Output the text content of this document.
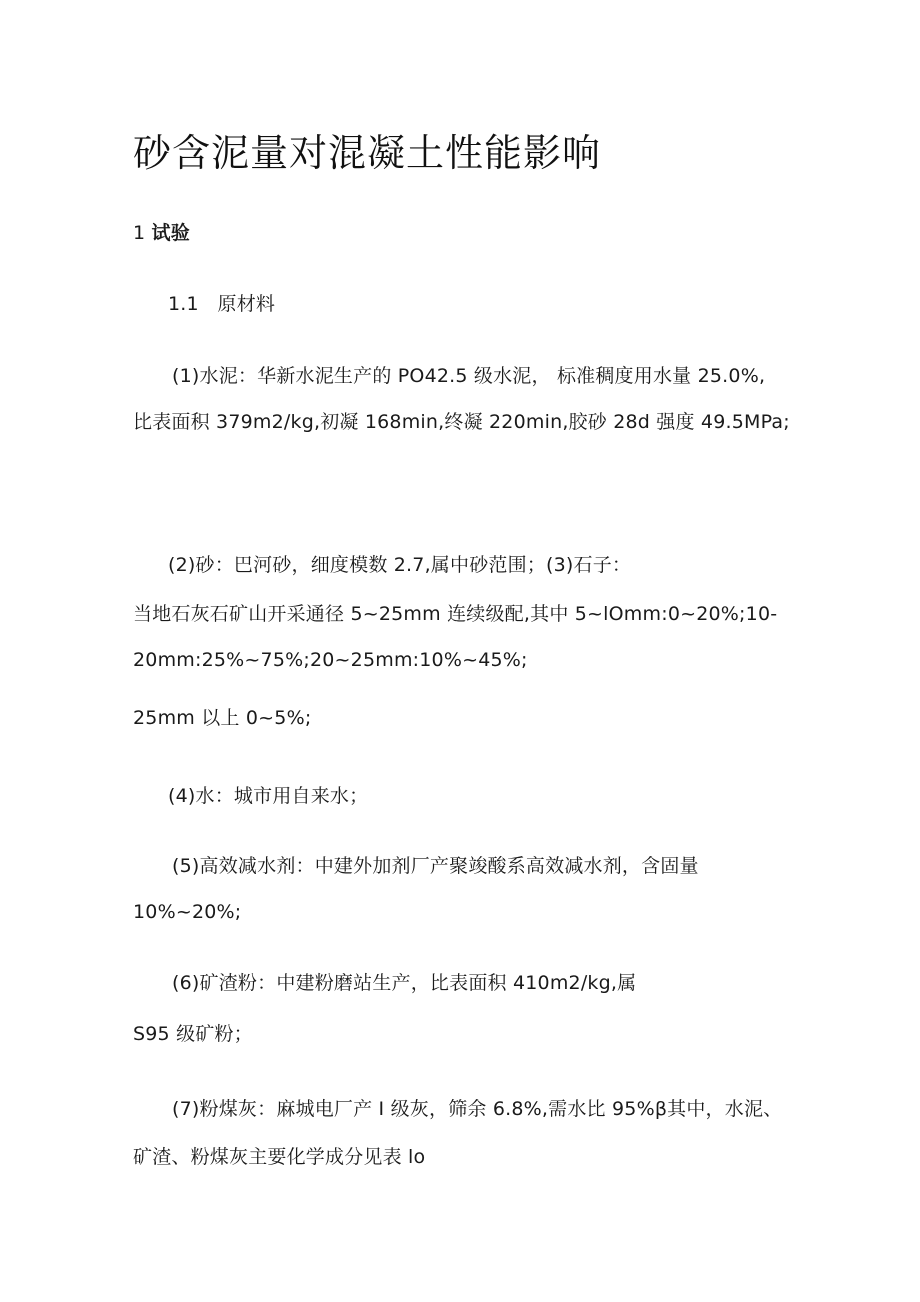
砂含泥量对混凝土性能影响
1 试验
1.1   原材料
(1)水泥：华新水泥生产的 PO42.5 级水泥， 标准稠度用水量 25.0%,
比表面积 379m2∕kg,初凝 168min,终凝 220min,胶砂 28d 强度 49.5MPa;
(2)砂：巴河砂，细度模数 2.7,属中砂范围；(3)石子：
当地石灰石矿山开采通径 5~25mm 连续级配,其中 5~lOmm:0~20%;10-
20mm:25%~75%;20~25mm:10%~45%;
25mm 以上 0~5%;
(4)水：城市用自来水；
(5)高效减水剂：中建外加剂厂产聚竣酸系高效减水剂，含固量
10%~20%;
(6)矿渣粉：中建粉磨站生产，比表面积 410m2∕kg,属
S95 级矿粉；
(7)粉煤灰：麻城电厂产 I 级灰，筛余 6.8%,需水比 95%β其中，水泥、
矿渣、粉煤灰主要化学成分见表 lo
